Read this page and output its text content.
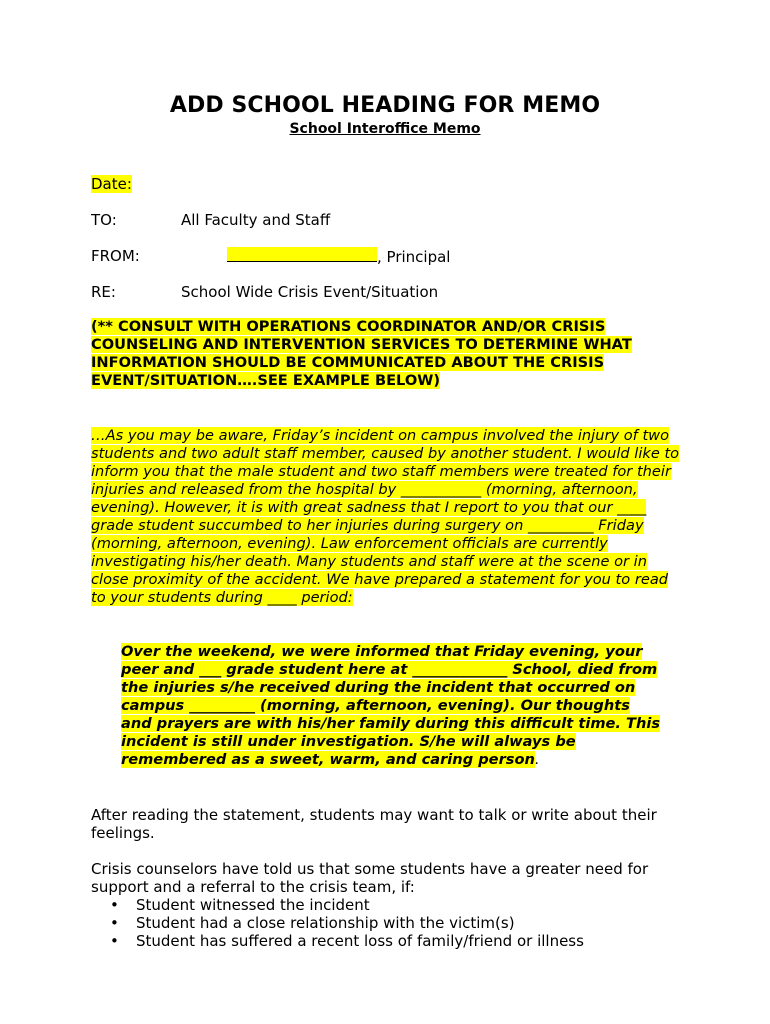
ADD SCHOOL HEADING FOR MEMO
School Interoffice Memo
Date:
TO:	All Faculty and Staff
FROM:	, Principal
RE:	School Wide Crisis Event/Situation
(** CONSULT WITH OPERATIONS COORDINATOR AND/OR CRISIS COUNSELING AND INTERVENTION SERVICES TO DETERMINE WHAT INFORMATION SHOULD BE COMMUNICATED ABOUT THE CRISIS EVENT/SITUATION….SEE EXAMPLE BELOW)
…As you may be aware, Friday’s incident on campus involved the injury of two students and two adult staff member, caused by another student. I would like to inform you that the male student and two staff members were treated for their injuries and released from the hospital by ___________ (morning, afternoon, evening). However, it is with great sadness that I report to you that our ____ grade student succumbed to her injuries during surgery on _________ Friday (morning, afternoon, evening). Law enforcement officials are currently investigating his/her death. Many students and staff were at the scene or in close proximity of the accident. We have prepared a statement for you to read to your students during ____ period:
Over the weekend, we were informed that Friday evening, your peer and ___ grade student here at _____________ School, died from the injuries s/he received during the incident that occurred on campus _________ (morning, afternoon, evening). Our thoughts and prayers are with his/her family during this difficult time. This incident is still under investigation. S/he will always be remembered as a sweet, warm, and caring person.
After reading the statement, students may want to talk or write about their feelings.
Crisis counselors have told us that some students have a greater need for support and a referral to the crisis team, if:
• Student witnessed the incident
• Student had a close relationship with the victim(s)
• Student has suffered a recent loss of family/friend or illness
